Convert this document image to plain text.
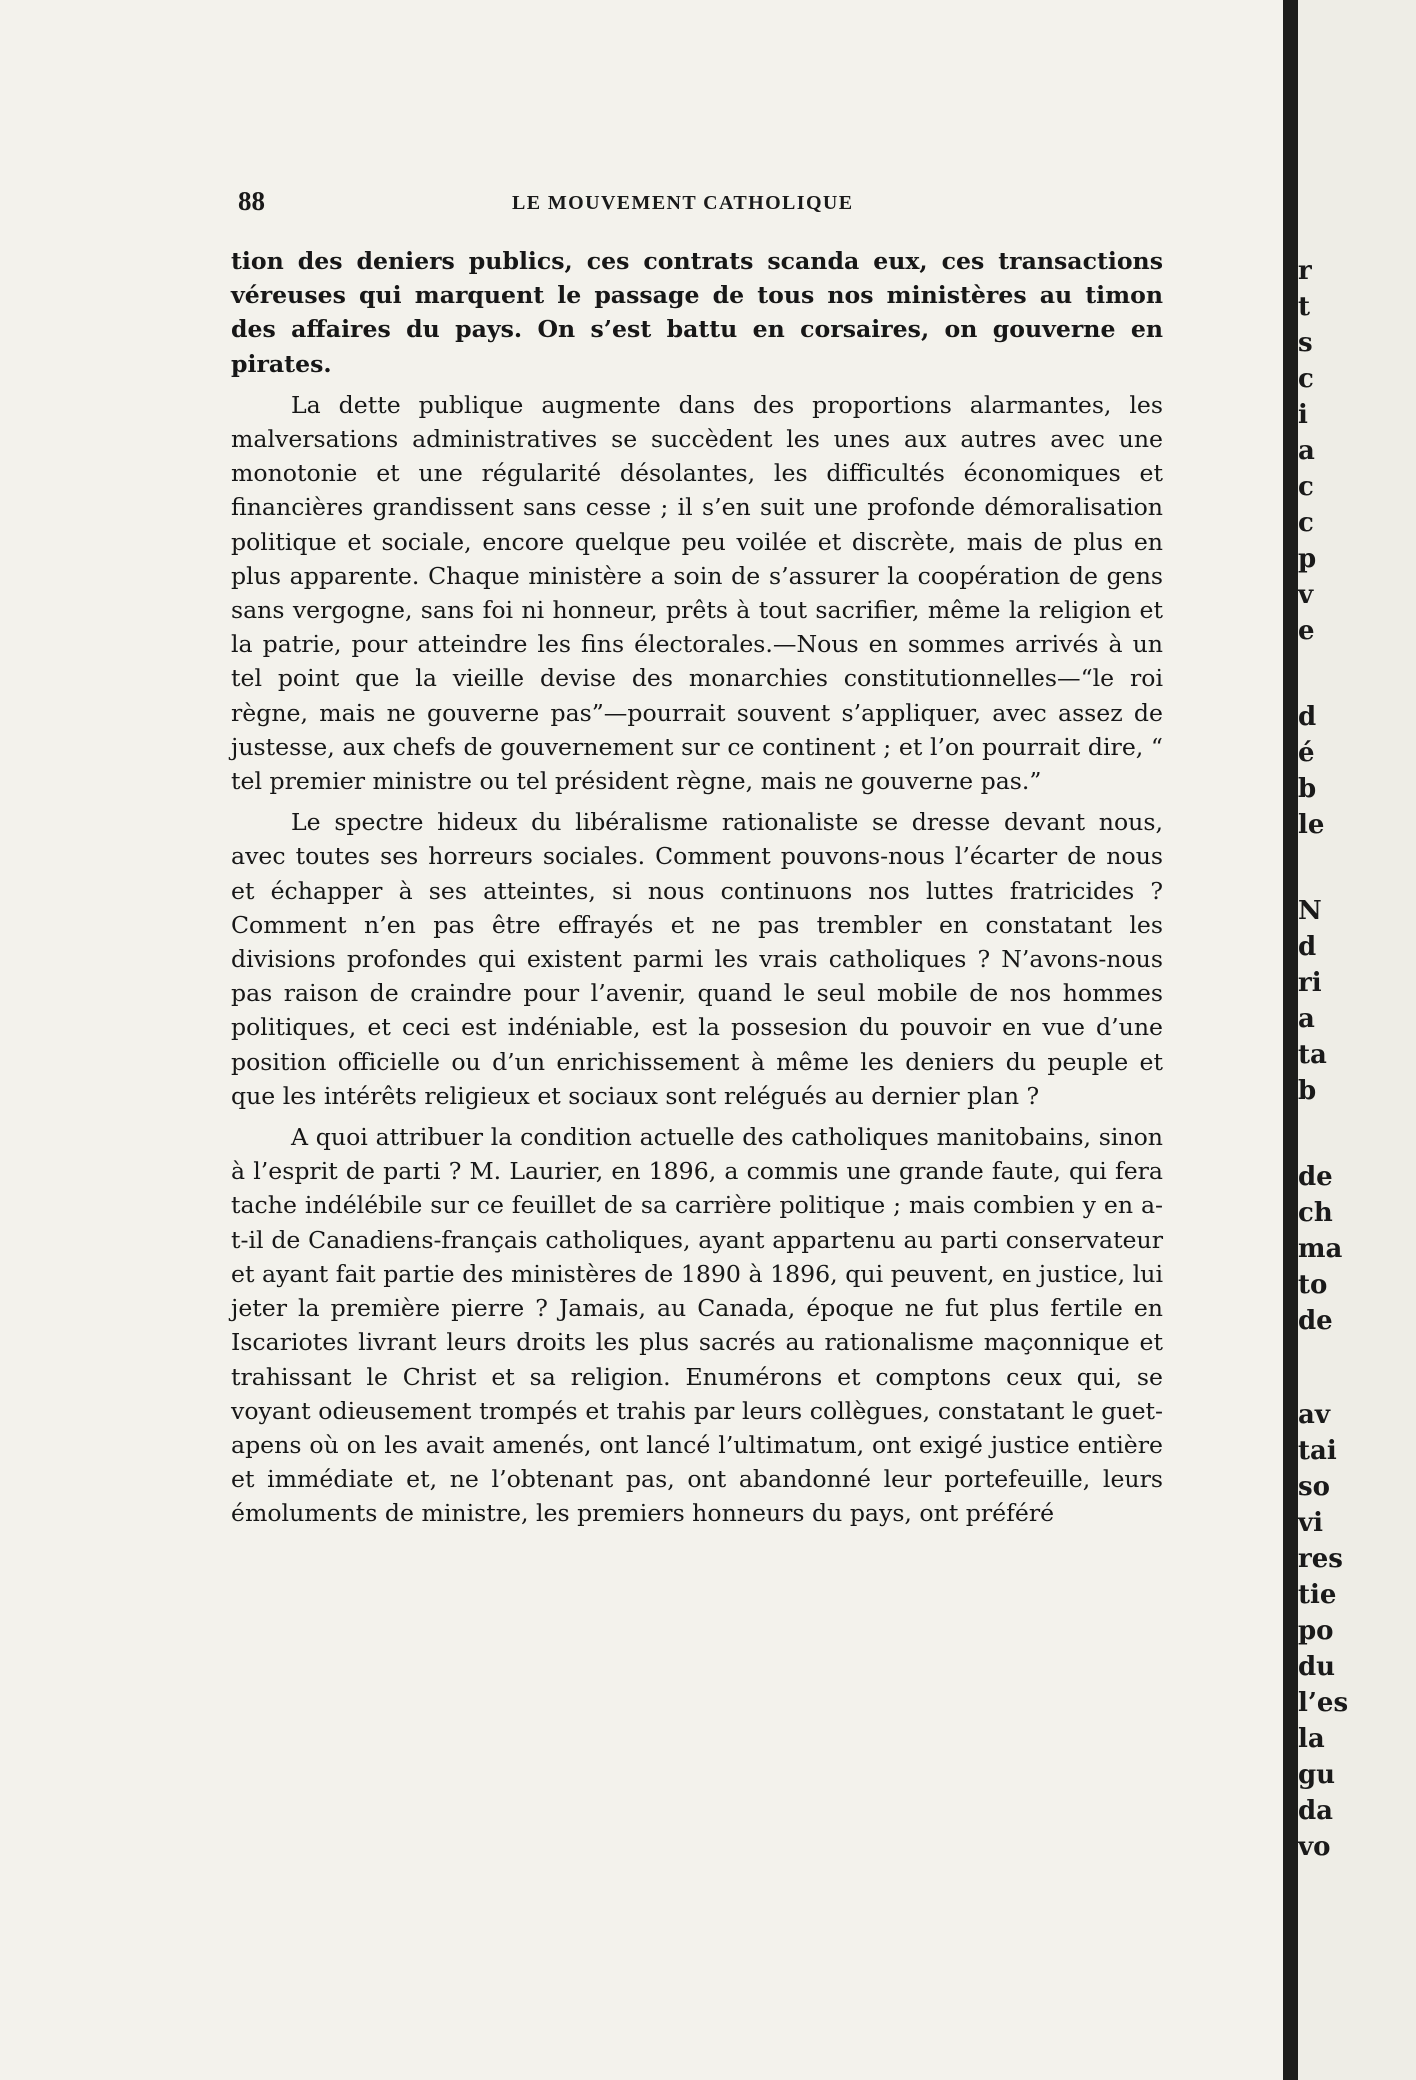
88	LE MOUVEMENT CATHOLIQUE

tion des deniers publics, ces contrats scanda eux, ces transactions véreuses qui marquent le passage de tous nos ministères au timon des affaires du pays. On s’est battu en corsaires, on gouverne en pirates.

La dette publique augmente dans des proportions alarmantes, les malversations administratives se succèdent les unes aux autres avec une monotonie et une régularité désolantes, les difficultés économiques et financières grandissent sans cesse ; il s’en suit une profonde démoralisation politique et sociale, encore quelque peu voilée et discrète, mais de plus en plus apparente. Chaque ministère a soin de s’assurer la coopération de gens sans vergogne, sans foi ni honneur, prêts à tout sacrifier, même la religion et la patrie, pour atteindre les fins électorales.—Nous en sommes arrivés à un tel point que la vieille devise des monarchies constitutionnelles—“le roi règne, mais ne gouverne pas”—pourrait souvent s’appliquer, avec assez de justesse, aux chefs de gouvernement sur ce continent ; et l’on pourrait dire, “ tel premier ministre ou tel président règne, mais ne gouverne pas.”

Le spectre hideux du libéralisme rationaliste se dresse devant nous, avec toutes ses horreurs sociales. Comment pouvons-nous l’écarter de nous et échapper à ses atteintes, si nous continuons nos luttes fratricides ? Comment n’en pas être effrayés et ne pas trembler en constatant les divisions profondes qui existent parmi les vrais catholiques ? N’avons-nous pas raison de craindre pour l’avenir, quand le seul mobile de nos hommes politiques, et ceci est indéniable, est la possesion du pouvoir en vue d’une position officielle ou d’un enrichissement à même les deniers du peuple et que les intérêts religieux et sociaux sont relégués au dernier plan ?

A quoi attribuer la condition actuelle des catholiques manitobains, sinon à l’esprit de parti ? M. Laurier, en 1896, a commis une grande faute, qui fera tache indélébile sur ce feuillet de sa carrière politique ; mais combien y en a-t-il de Canadiens-français catholiques, ayant appartenu au parti conservateur et ayant fait partie des ministères de 1890 à 1896, qui peuvent, en justice, lui jeter la première pierre ? Jamais, au Canada, époque ne fut plus fertile en Iscariotes livrant leurs droits les plus sacrés au rationalisme maçonnique et trahissant le Christ et sa religion. Enumérons et comptons ceux qui, se voyant odieusement trompés et trahis par leurs collègues, constatant le guet-apens où on les avait amenés, ont lancé l’ultimatum, ont exigé justice entière et immédiate et, ne l’obtenant pas, ont abandonné leur portefeuille, leurs émoluments de ministre, les premiers honneurs du pays, ont préféré

r
t
s
c
i
a
c
c
p
v
e
d
é
b
le
N
d
ri
a
ta
b
de
ch
ma
to
de
av
tai
so
vi
res
tie
po
du
l’es
la
gu
da
vo
